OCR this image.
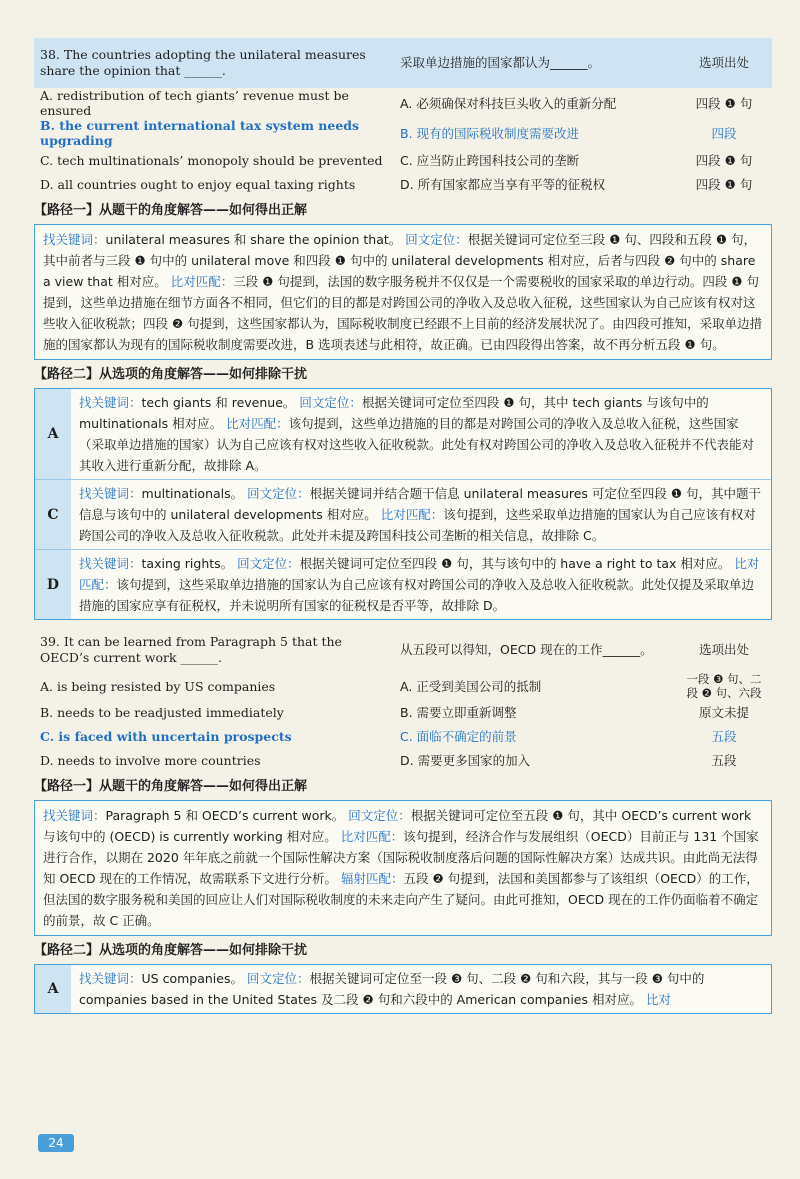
38. The countries adopting the unilateral measures share the opinion that ______.	采取单边措施的国家都认为______。	选项出处
A. redistribution of tech giants’ revenue must be ensured	A. 必须确保对科技巨头收入的重新分配	四段 ❶ 句
B. the current international tax system needs upgrading	B. 现有的国际税收制度需要改进	四段
C. tech multinationals’ monopoly should be prevented	C. 应当防止跨国科技公司的垄断	四段 ❶ 句
D. all countries ought to enjoy equal taxing rights	D. 所有国家都应当享有平等的征税权	四段 ❶ 句
【路径一】从题干的角度解答——如何得出正解
找关键词：unilateral measures 和 share the opinion that。 回文定位：根据关键词可定位至三段 ❶ 句、四段和五段 ❶ 句，其中前者与三段 ❶ 句中的 unilateral move 和四段 ❶ 句中的 unilateral developments 相对应，后者与四段 ❷ 句中的 share a view that 相对应。 比对匹配：三段 ❶ 句提到，法国的数字服务税并不仅仅是一个需要税收的国家采取的单边行动。四段 ❶ 句提到，这些单边措施在细节方面各不相同，但它们的目的都是对跨国公司的净收入及总收入征税，这些国家认为自己应该有权对这些收入征收税款；四段 ❷ 句提到，这些国家都认为，国际税收制度已经跟不上目前的经济发展状况了。由四段可推知，采取单边措施的国家都认为现有的国际税收制度需要改进，B 选项表述与此相符，故正确。已由四段得出答案，故不再分析五段 ❶ 句。
【路径二】从选项的角度解答——如何排除干扰
A
找关键词：tech giants 和 revenue。 回文定位：根据关键词可定位至四段 ❶ 句，其中 tech giants 与该句中的 multinationals 相对应。 比对匹配：该句提到，这些单边措施的目的都是对跨国公司的净收入及总收入征税，这些国家（采取单边措施的国家）认为自己应该有权对这些收入征收税款。此处有权对跨国公司的净收入及总收入征税并不代表能对其收入进行重新分配，故排除 A。
C
找关键词：multinationals。 回文定位：根据关键词并结合题干信息 unilateral measures 可定位至四段 ❶ 句，其中题干信息与该句中的 unilateral developments 相对应。 比对匹配：该句提到，这些采取单边措施的国家认为自己应该有权对跨国公司的净收入及总收入征收税款。此处并未提及跨国科技公司垄断的相关信息，故排除 C。
D
找关键词：taxing rights。 回文定位：根据关键词可定位至四段 ❶ 句，其与该句中的 have a right to tax 相对应。 比对匹配：该句提到，这些采取单边措施的国家认为自己应该有权对跨国公司的净收入及总收入征收税款。此处仅提及采取单边措施的国家应享有征税权，并未说明所有国家的征税权是否平等，故排除 D。
39. It can be learned from Paragraph 5 that the OECD’s current work ______.	从五段可以得知，OECD 现在的工作______。	选项出处
A. is being resisted by US companies	A. 正受到美国公司的抵制	一段 ❸ 句、二段 ❷ 句、六段
B. needs to be readjusted immediately	B. 需要立即重新调整	原文未提
C. is faced with uncertain prospects	C. 面临不确定的前景	五段
D. needs to involve more countries	D. 需要更多国家的加入	五段
【路径一】从题干的角度解答——如何得出正解
找关键词：Paragraph 5 和 OECD’s current work。 回文定位：根据关键词可定位至五段 ❶ 句，其中 OECD’s current work 与该句中的 (OECD) is currently working 相对应。 比对匹配：该句提到，经济合作与发展组织（OECD）目前正与 131 个国家进行合作，以期在 2020 年年底之前就一个国际性解决方案（国际税收制度落后问题的国际性解决方案）达成共识。由此尚无法得知 OECD 现在的工作情况，故需联系下文进行分析。 辐射匹配：五段 ❷ 句提到，法国和美国都参与了该组织（OECD）的工作，但法国的数字服务税和美国的回应让人们对国际税收制度的未来走向产生了疑问。由此可推知，OECD 现在的工作仍面临着不确定的前景，故 C 正确。
【路径二】从选项的角度解答——如何排除干扰
A
找关键词：US companies。 回文定位：根据关键词可定位至一段 ❸ 句、二段 ❷ 句和六段，其与一段 ❸ 句中的 companies based in the United States 及二段 ❷ 句和六段中的 American companies 相对应。 比对
24
